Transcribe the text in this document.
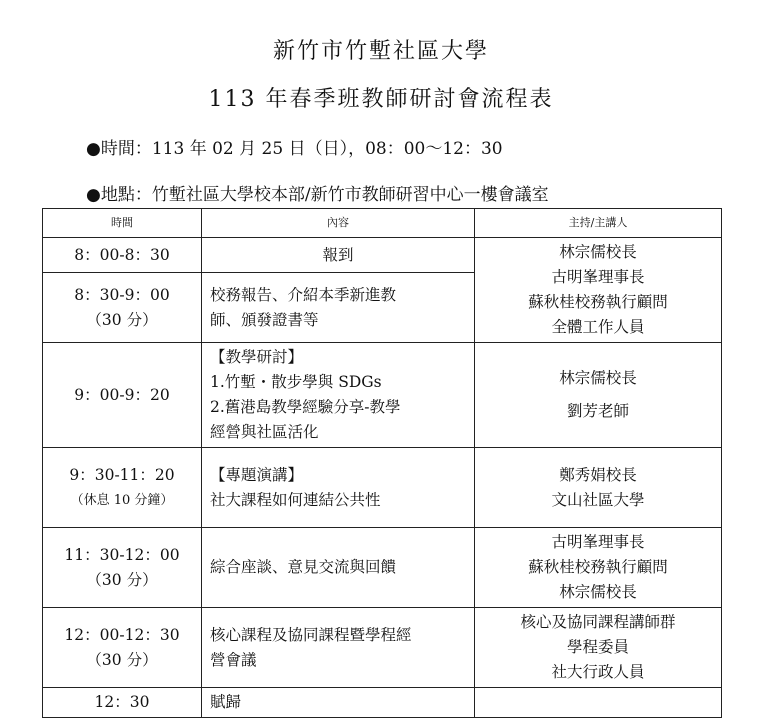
新竹市竹塹社區大學
113 年春季班教師研討會流程表
●時間：113 年 02 月 25 日（日），08：00～12：30
●地點：竹塹社區大學校本部/新竹市教師研習中心一樓會議室
時間	內容	主持/主講人

8：00-8：30	報到	林宗儒校長
古明峯理事長
蘇秋桂校務執行顧問
全體工作人員

8：30-9：00
（30 分）	校務報告、介紹本季新進教
師、頒發證書等	

9：00-9：20	【教學研討】
1.竹塹・散步學與 SDGs
2.舊港島教學經驗分享-教學
經營與社區活化	林宗儒校長
劉芳老師

9：30-11：20
（休息 10 分鐘）	【專題演講】
社大課程如何連結公共性	鄭秀娟校長
文山社區大學

11：30-12：00
（30 分）	綜合座談、意見交流與回饋	古明峯理事長
蘇秋桂校務執行顧問
林宗儒校長

12：00-12：30
（30 分）	核心課程及協同課程暨學程經
營會議	核心及協同課程講師群
學程委員
社大行政人員

12：30	賦歸	
